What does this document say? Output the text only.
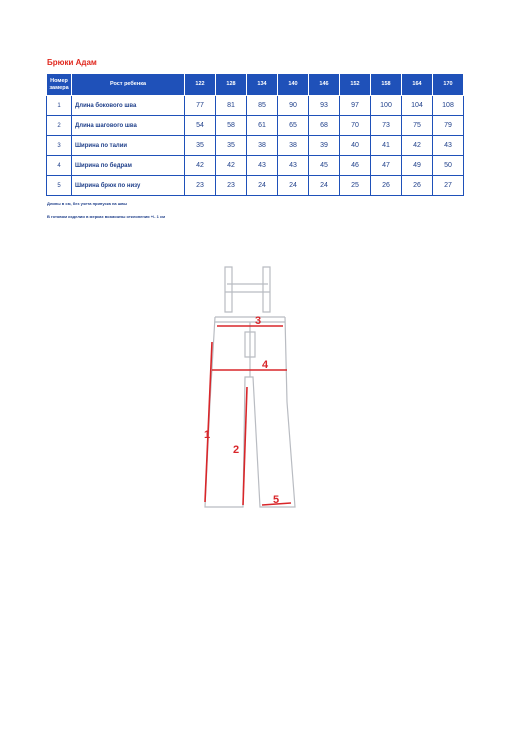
Брюки Адам
Номер замера	Рост ребенка	122	128	134	140	146	152	158	164	170
1	Длина бокового шва	77	81	85	90	93	97	100	104	108
2	Длина шагового шва	54	58	61	65	68	70	73	75	79
3	Ширина по талии	35	35	38	38	39	40	41	42	43
4	Ширина по бедрам	42	42	43	43	45	46	47	49	50
5	Ширина брюк по низу	23	23	24	24	24	25	26	26	27
Длины в см, без учета припуска на швы
В готовом изделии в мерках возможны отклонения +/- 1 см
1
2
3
4
5
